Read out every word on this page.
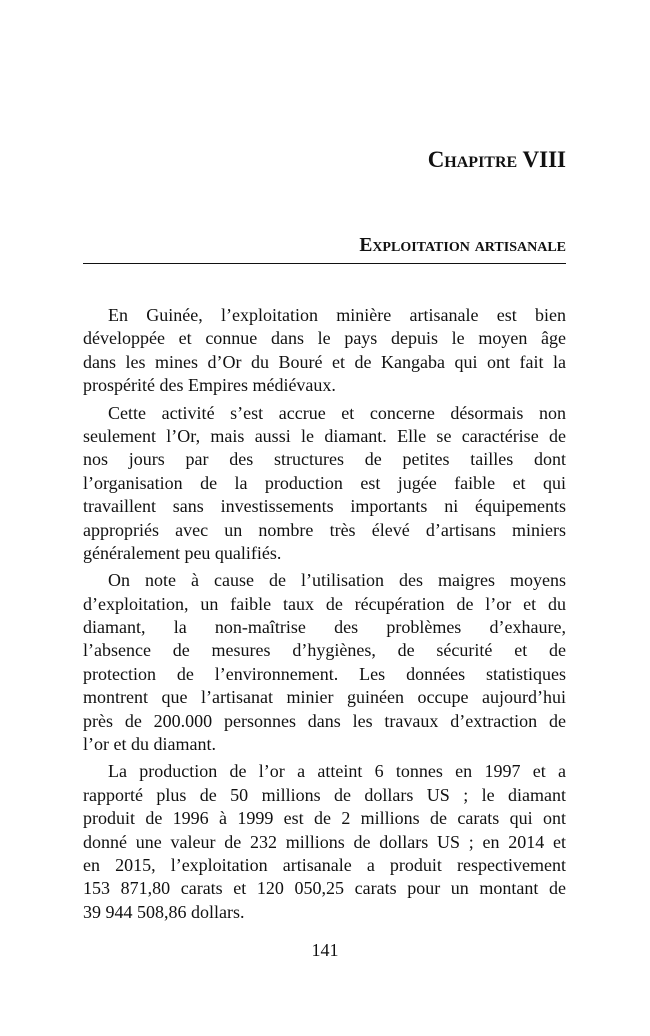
Chapitre VIII
Exploitation artisanale
En Guinée, l’exploitation minière artisanale est bien
développée et connue dans le pays depuis le moyen âge
dans les mines d’Or du Bouré et de Kangaba qui ont fait la
prospérité des Empires médiévaux.
Cette activité s’est accrue et concerne désormais non
seulement l’Or, mais aussi le diamant. Elle se caractérise de
nos jours par des structures de petites tailles dont
l’organisation de la production est jugée faible et qui
travaillent sans investissements importants ni équipements
appropriés avec un nombre très élevé d’artisans miniers
généralement peu qualifiés.
On note à cause de l’utilisation des maigres moyens
d’exploitation, un faible taux de récupération de l’or et du
diamant, la non-maîtrise des problèmes d’exhaure,
l’absence de mesures d’hygiènes, de sécurité et de
protection de l’environnement. Les données statistiques
montrent que l’artisanat minier guinéen occupe aujourd’hui
près de 200.000 personnes dans les travaux d’extraction de
l’or et du diamant.
La production de l’or a atteint 6 tonnes en 1997 et a
rapporté plus de 50 millions de dollars US ; le diamant
produit de 1996 à 1999 est de 2 millions de carats qui ont
donné une valeur de 232 millions de dollars US ; en 2014 et
en 2015, l’exploitation artisanale a produit respectivement
153 871,80 carats et 120 050,25 carats pour un montant de
39 944 508,86 dollars.
141
